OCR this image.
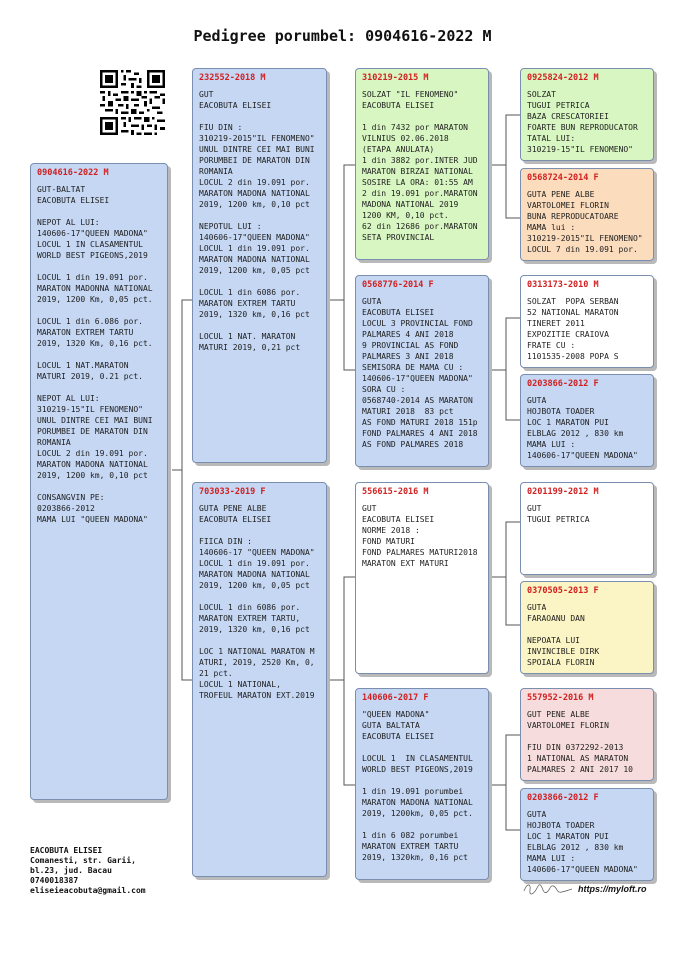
Pedigree porumbel: 0904616-2022 M
0904616-2022 M
GUT-BALTAT
EACOBUTA ELISEI

NEPOT AL LUI:
140606-17"QUEEN MADONA"
LOCUL 1 IN CLASAMENTUL
WORLD BEST PIGEONS,2019

LOCUL 1 din 19.091 por.
MARATON MADONNA NATIONAL
2019, 1200 Km, 0,05 pct.

LOCUL 1 din 6.086 por.
MARATON EXTREM TARTU
2019, 1320 Km, 0,16 pct.

LOCUL 1 NAT.MARATON
MATURI 2019, 0.21 pct.

NEPOT AL LUI:
310219-15"IL FENOMENO"
UNUL DINTRE CEI MAI BUNI
PORUMBEI DE MARATON DIN
ROMANIA
LOCUL 2 din 19.091 por.
MARATON MADONA NATIONAL
2019, 1200 km, 0,10 pct

CONSANGVIN PE:
0203866-2012
MAMA LUI "QUEEN MADONA"
232552-2018 M
GUT
EACOBUTA ELISEI

FIU DIN :
310219-2015"IL FENOMENO"
UNUL DINTRE CEI MAI BUNI
PORUMBEI DE MARATON DIN
ROMANIA
LOCUL 2 din 19.091 por.
MARATON MADONA NATIONAL
2019, 1200 km, 0,10 pct

NEPOTUL LUI :
140606-17"QUEEN MADONA"
LOCUL 1 din 19.091 por.
MARATON MADONA NATIONAL
2019, 1200 km, 0,05 pct

LOCUL 1 din 6086 por.
MARATON EXTREM TARTU
2019, 1320 km, 0,16 pct

LOCUL 1 NAT. MARATON
MATURI 2019, 0,21 pct
703033-2019 F
GUTA PENE ALBE
EACOBUTA ELISEI

FIICA DIN :
140606-17 "QUEEN MADONA"
LOCUL 1 din 19.091 por.
MARATON MADONA NATIONAL
2019, 1200 km, 0,05 pct

LOCUL 1 din 6086 por.
MARATON EXTREM TARTU,
2019, 1320 km, 0,16 pct

LOC 1 NATIONAL MARATON M
ATURI, 2019, 2520 Km, 0,
21 pct.
LOCUL 1 NATIONAL,
TROFEUL MARATON EXT.2019
310219-2015 M
SOLZAT "IL FENOMENO"
EACOBUTA ELISEI

1 din 7432 por MARATON
VILNIUS 02.06.2018
(ETAPA ANULATA)
1 din 3882 por.INTER JUD
MARATON BIRZAI NATIONAL
SOSIRE LA ORA: 01:55 AM
2 din 19.091 por.MARATON
MADONA NATIONAL 2019
1200 KM, 0,10 pct.
62 din 12686 por.MARATON
SETA PROVINCIAL
0568776-2014 F
GUTA
EACOBUTA ELISEI
LOCUL 3 PROVINCIAL FOND
PALMARES 4 ANI 2018
9 PROVINCIAL AS FOND
PALMARES 3 ANI 2018
SEMISORA DE MAMA CU :
140606-17"QUEEN MADONA"
SORA CU :
0568740-2014 AS MARATON
MATURI 2018  83 pct
AS FOND MATURI 2018 151p
FOND PALMARES 4 ANI 2018
AS FOND PALMARES 2018
556615-2016 M
GUT
EACOBUTA ELISEI
NORME 2018 :
FOND MATURI
FOND PALMARES MATURI2018
MARATON EXT MATURI
140606-2017 F
"QUEEN MADONA"
GUTA BALTATA
EACOBUTA ELISEI

LOCUL 1  IN CLASAMENTUL
WORLD BEST PIGEONS,2019

1 din 19.091 porumbei
MARATON MADONA NATIONAL
2019, 1200km, 0,05 pct.

1 din 6 082 porumbei
MARATON EXTREM TARTU
2019, 1320km, 0,16 pct
0925824-2012 M
SOLZAT
TUGUI PETRICA
BAZA CRESCATORIEI
FOARTE BUN REPRODUCATOR
TATAL LUI:
310219-15"IL FENOMENO"
0568724-2014 F
GUTA PENE ALBE
VARTOLOMEI FLORIN
BUNA REPRODUCATOARE
MAMA lui :
310219-2015"IL FENOMENO"
LOCUL 7 din 19.091 por.
0313173-2010 M
SOLZAT  POPA SERBAN
52 NATIONAL MARATON
TINERET 2011
EXPOZITIE CRAIOVA
FRATE CU :
1101535-2008 POPA S
0203866-2012 F
GUTA
HOJBOTA TOADER
LOC 1 MARATON PUI
ELBLAG 2012 , 830 km
MAMA LUI :
140606-17"QUEEN MADONA"
0201199-2012 M
GUT
TUGUI PETRICA
0370505-2013 F
GUTA
FARAOANU DAN

NEPOATA LUI
INVINCIBLE DIRK
SPOIALA FLORIN
557952-2016 M
GUT PENE ALBE
VARTOLOMEI FLORIN

FIU DIN 0372292-2013
1 NATIONAL AS MARATON
PALMARES 2 ANI 2017 10
0203866-2012 F
GUTA
HOJBOTA TOADER
LOC 1 MARATON PUI
ELBLAG 2012 , 830 km
MAMA LUI :
140606-17"QUEEN MADONA"
EACOBUTA ELISEI
Comanesti, str. Garii,
bl.23, jud. Bacau
0740018387
eliseieacobuta@gmail.com	https://myloft.ro
